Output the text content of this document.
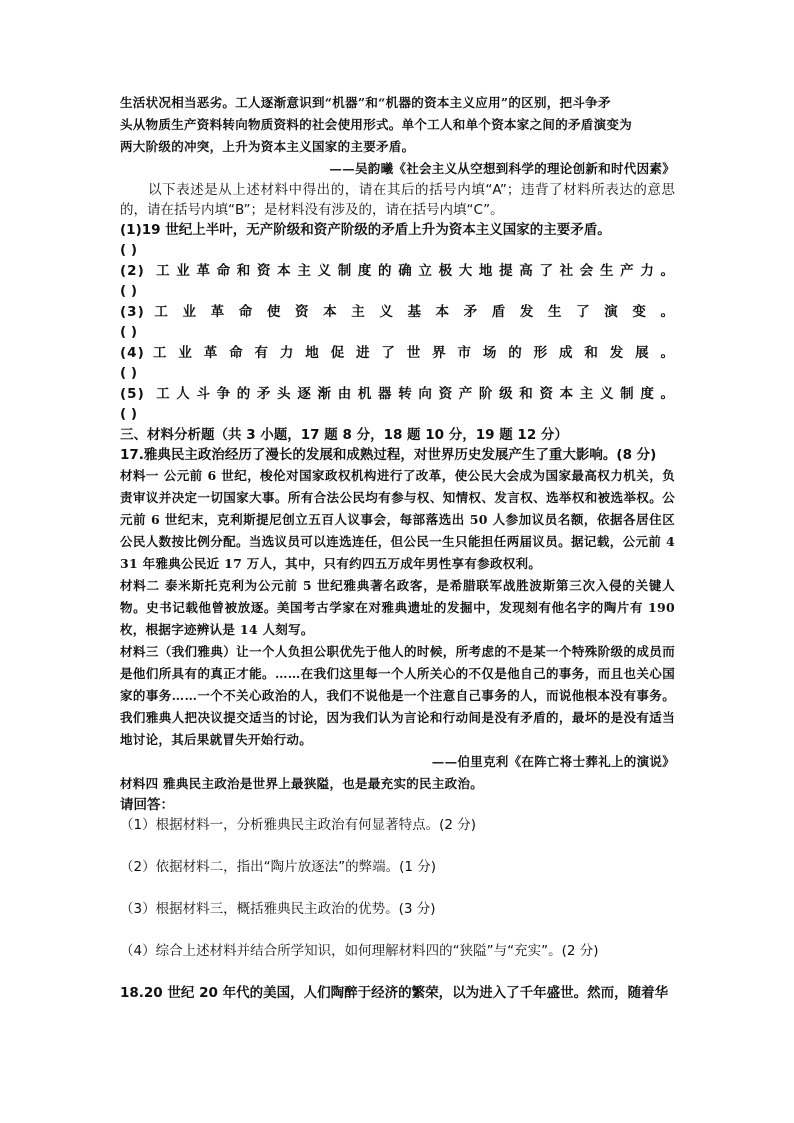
生活状况相当恶劣。工人逐渐意识到“机器”和“机器的资本主义应用”的区别，把斗争矛

头从物质生产资料转向物质资料的社会使用形式。单个工人和单个资本家之间的矛盾演变为

两大阶级的冲突，上升为资本主义国家的主要矛盾。

——吴韵曦《社会主义从空想到科学的理论创新和时代因素》

以下表述是从上述材料中得出的，请在其后的括号内填“A”；违背了材料所表达的意思的，请在括号内填“B”；是材料没有涉及的，请在括号内填“C”。

(1)19 世纪上半叶，无产阶级和资产阶级的矛盾上升为资本主义国家的主要矛盾。

( )

(2) 工业革命和资本主义制度的确立极大地提高了社会生产力。

( )

(3) 工 业 革 命 使 资 本 主 义 基 本 矛 盾 发 生 了 演 变 。

( )

(4) 工 业 革 命 有 力 地 促 进 了 世 界 市 场 的 形 成 和 发 展 。

( )

(5) 工人斗争的矛头逐渐由机器转向资产阶级和资本主义制度。

( )

三、材料分析题（共 3 小题，17 题 8 分，18 题 10 分，19 题 12 分）

17.雅典民主政治经历了漫长的发展和成熟过程，对世界历史发展产生了重大影响。(8 分)

材料一 公元前 6 世纪，梭伦对国家政权机构进行了改革，使公民大会成为国家最高权力机关，负责审议并决定一切国家大事。所有合法公民均有参与权、知情权、发言权、选举权和被选举权。公元前 6 世纪末，克利斯提尼创立五百人议事会，每部落选出 50 人参加议员名额，依据各居住区公民人数按比例分配。当选议员可以连选连任，但公民一生只能担任两届议员。据记载，公元前 431 年雅典公民近 17 万人，其中，只有约四五万成年男性享有参政权利。

材料二 泰米斯托克利为公元前 5 世纪雅典著名政客，是希腊联军战胜波斯第三次入侵的关键人物。史书记载他曾被放逐。美国考古学家在对雅典遗址的发掘中，发现刻有他名字的陶片有 190 枚，根据字迹辨认是 14 人刻写。

材料三（我们雅典）让一个人负担公职优先于他人的时候，所考虑的不是某一个特殊阶级的成员而是他们所具有的真正才能。……在我们这里每一个人所关心的不仅是他自己的事务，而且也关心国家的事务……一个不关心政治的人，我们不说他是一个注意自己事务的人，而说他根本没有事务。我们雅典人把决议提交适当的讨论，因为我们认为言论和行动间是没有矛盾的，最坏的是没有适当地讨论，其后果就冒失开始行动。

——伯里克利《在阵亡将士葬礼上的演说》

材料四 雅典民主政治是世界上最狭隘，也是最充实的民主政治。

请回答：

（1）根据材料一，分析雅典民主政治有何显著特点。(2 分)

（2）依据材料二，指出“陶片放逐法”的弊端。(1 分)

（3）根据材料三，概括雅典民主政治的优势。(3 分)

（4）综合上述材料并结合所学知识，如何理解材料四的“狭隘”与“充实”。(2 分)

18.20 世纪 20 年代的美国，人们陶醉于经济的繁荣，以为进入了千年盛世。然而，随着华
